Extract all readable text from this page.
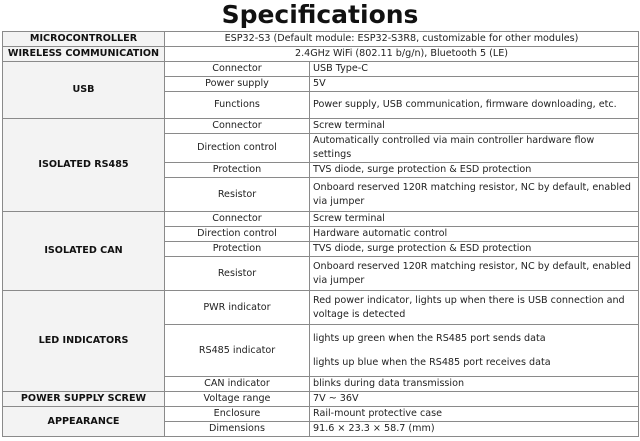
Specifications
MICROCONTROLLER	ESP32-S3 (Default module: ESP32-S3R8, customizable for other modules)	
WIRELESS COMMUNICATION	2.4GHz WiFi (802.11 b/g/n), Bluetooth 5 (LE)	
USB	Connector	USB Type-C
	Power supply	5V
	Functions	Power supply, USB communication, firmware downloading, etc.
ISOLATED RS485	Connector	Screw terminal
	Direction control	Automatically controlled via main controller hardware flow settings
	Protection	TVS diode, surge protection & ESD protection
	Resistor	Onboard reserved 120R matching resistor, NC by default, enabled via jumper
ISOLATED CAN	Connector	Screw terminal
	Direction control	Hardware automatic control
	Protection	TVS diode, surge protection & ESD protection
	Resistor	Onboard reserved 120R matching resistor, NC by default, enabled via jumper
LED INDICATORS	PWR indicator	Red power indicator, lights up when there is USB connection and voltage is detected
	RS485 indicator	lights up green when the RS485 port sends data
lights up blue when the RS485 port receives data

	CAN indicator	blinks during data transmission
POWER SUPPLY SCREW	Voltage range	7V ~ 36V
APPEARANCE	Enclosure	Rail-mount protective case
	Dimensions	91.6 × 23.3 × 58.7 (mm)
